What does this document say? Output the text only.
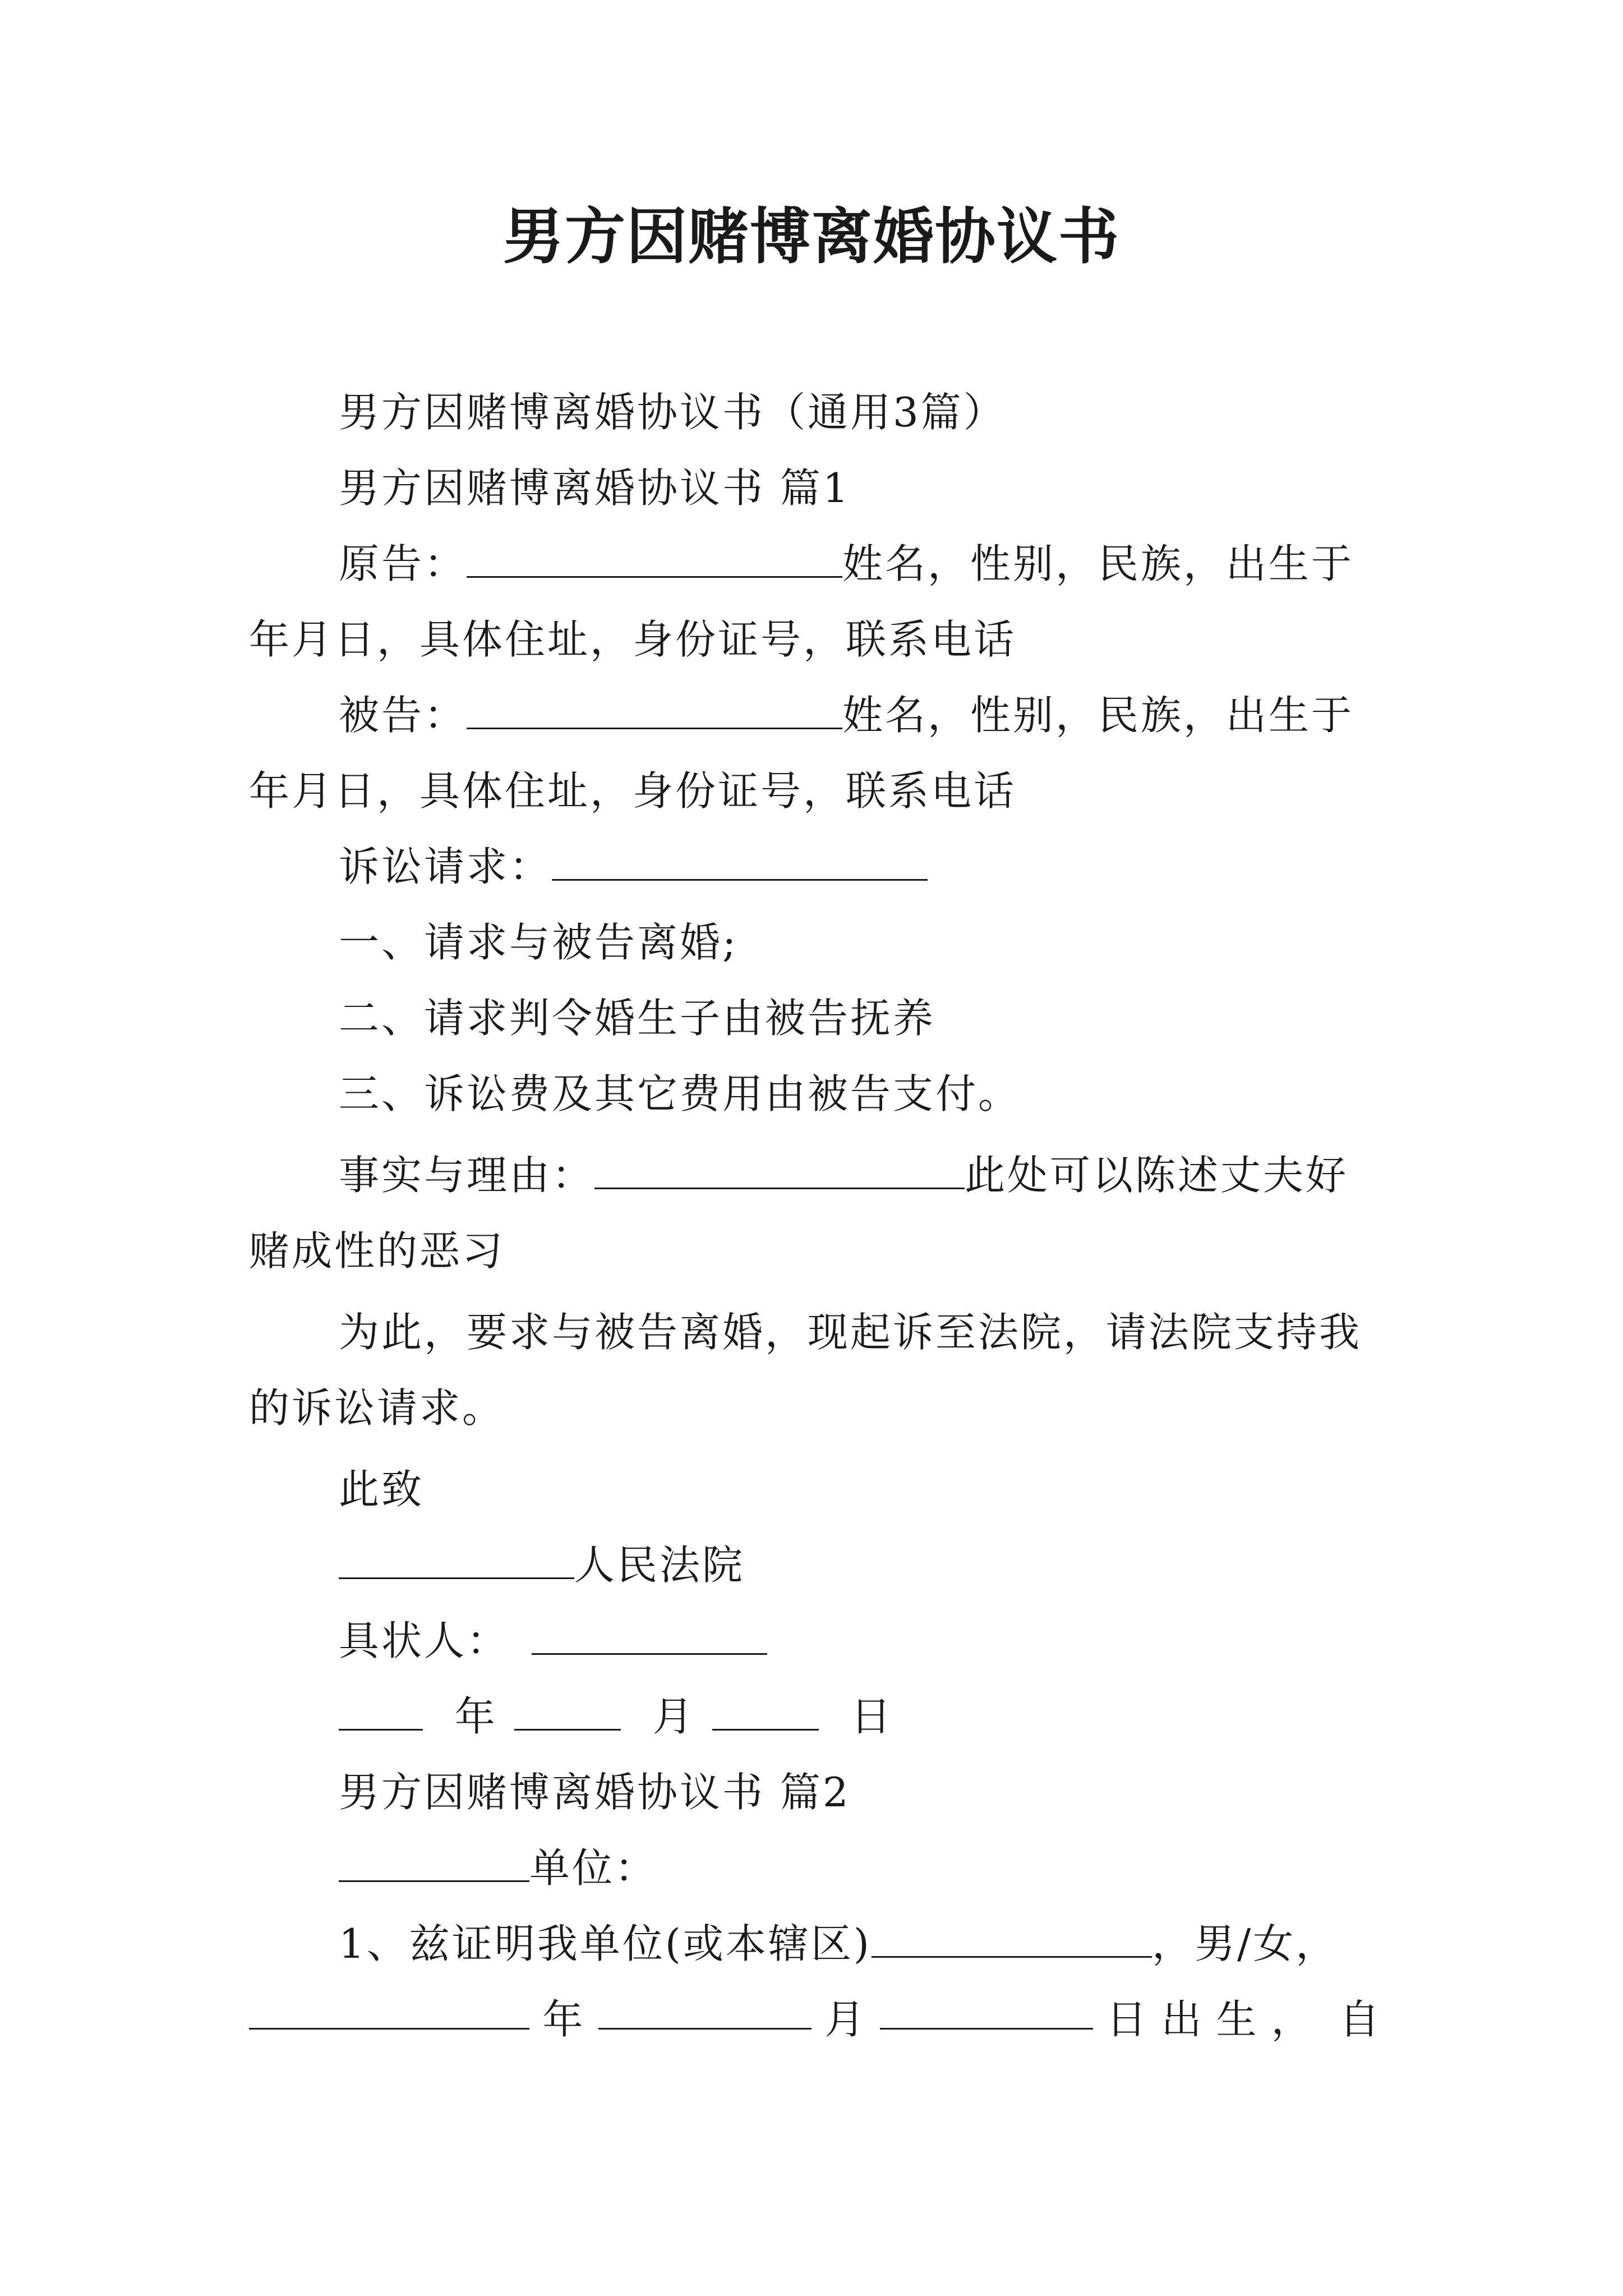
男方因赌博离婚协议书
男方因赌博离婚协议书（通用3篇）
男方因赌博离婚协议书 篇1
原告：	姓名，性别，民族，出生于
年月日，具体住址，身份证号，联系电话
被告：	姓名，性别，民族，出生于
年月日，具体住址，身份证号，联系电话
诉讼请求：
一、请求与被告离婚;
二、请求判令婚生子由被告抚养
三、诉讼费及其它费用由被告支付。
事实与理由：	此处可以陈述丈夫好
赌成性的恶习
为此，要求与被告离婚，现起诉至法院，请法院支持我
的诉讼请求。
此致
人民法院
具状人：
年	月	日
男方因赌博离婚协议书 篇2
单位：
1、兹证明我单位(或本辖区)	，男/女，
年	月	日出生， 自
